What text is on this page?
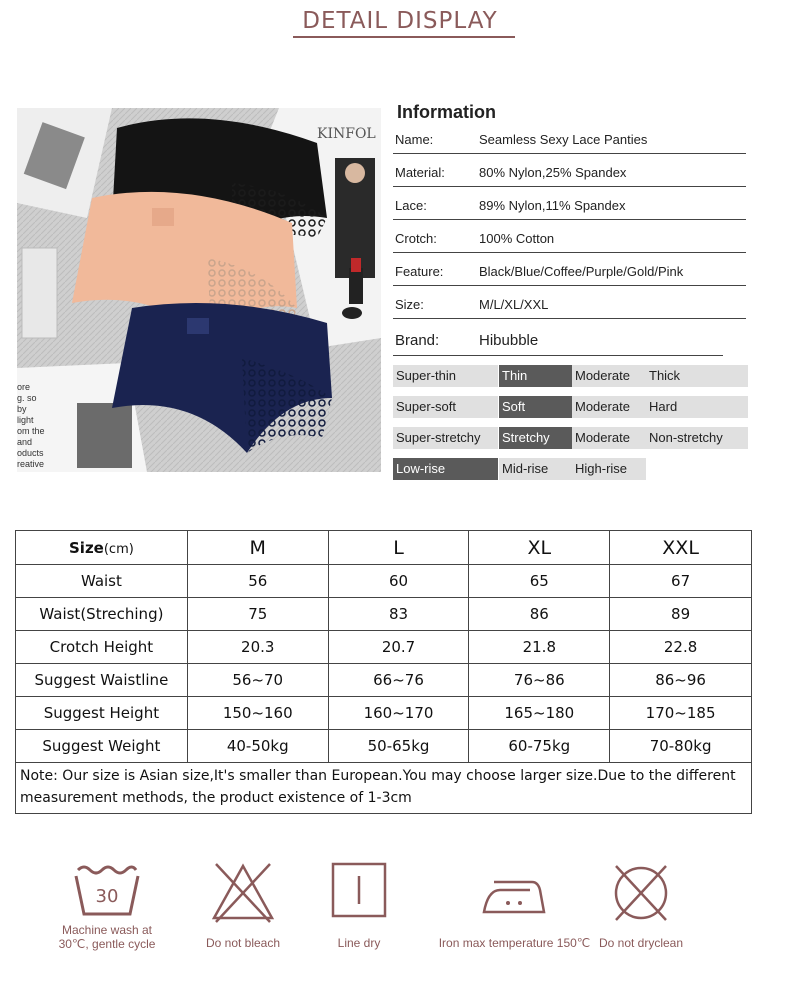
DETAIL DISPLAY
KINFOL
ore
g. so
by
light
om the
and
oducts
reative
Information
Name:	Seamless Sexy Lace Panties
Material:	80% Nylon,25% Spandex
Lace:	89% Nylon,11% Spandex
Crotch:	100% Cotton
Feature:	Black/Blue/Coffee/Purple/Gold/Pink
Size:	M/L/XL/XXL
Brand:	Hibubble
Super-thin	Thin	Moderate	Thick
Super-soft	Soft	Moderate	Hard
Super-stretchy	Stretchy	Moderate	Non-stretchy
Low-rise	Mid-rise	High-rise
Size(cm)	M	L	XL	XXL
Waist	56	60	65	67
Waist(Streching)	75	83	86	89
Crotch Height	20.3	20.7	21.8	22.8
Suggest Waistline	56~70	66~76	76~86	86~96
Suggest Height	150~160	160~170	165~180	170~185
Suggest Weight	40-50kg	50-65kg	60-75kg	70-80kg
Note: Our size is Asian size,It's smaller than European.You may choose larger size.Due to the different measurement methods, the product existence of 1-3cm				
30
Machine wash at
30℃, gentle cycle	Do not bleach	Line dry	Iron max temperature 150℃ Do not dryclean
